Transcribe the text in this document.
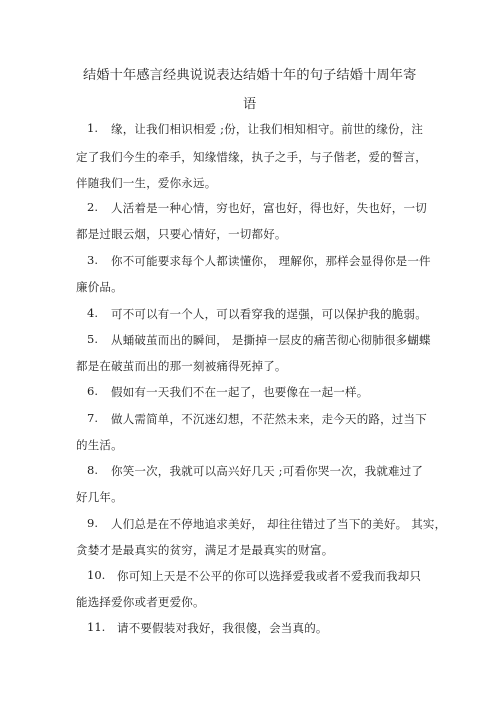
结婚十年感言经典说说表达结婚十年的句子结婚十周年寄
语
1. 缘，让我们相识相爱 ;份，让我们相知相守。前世的缘份，注
定了我们今生的牵手，知缘惜缘，执子之手，与子偕老，爱的誓言，
伴随我们一生，爱你永远。
2. 人活着是一种心情，穷也好，富也好，得也好，失也好，一切
都是过眼云烟，只要心情好，一切都好。
3. 你不可能要求每个人都读懂你， 理解你，那样会显得你是一件
廉价品。
4. 可不可以有一个人，可以看穿我的逞强，可以保护我的脆弱。
5. 从蛹破茧而出的瞬间， 是撕掉一层皮的痛苦彻心彻肺很多蝴蝶
都是在破茧而出的那一刻被痛得死掉了。
6. 假如有一天我们不在一起了，也要像在一起一样。
7. 做人需简单，不沉迷幻想，不茫然未来，走今天的路，过当下
的生活。
8. 你笑一次，我就可以高兴好几天 ;可看你哭一次，我就难过了
好几年。
9. 人们总是在不停地追求美好， 却往往错过了当下的美好。 其实，
贪婪才是最真实的贫穷，满足才是最真实的财富。
10. 你可知上天是不公平的你可以选择爱我或者不爱我而我却只
能选择爱你或者更爱你。
11. 请不要假装对我好，我很傻，会当真的。
